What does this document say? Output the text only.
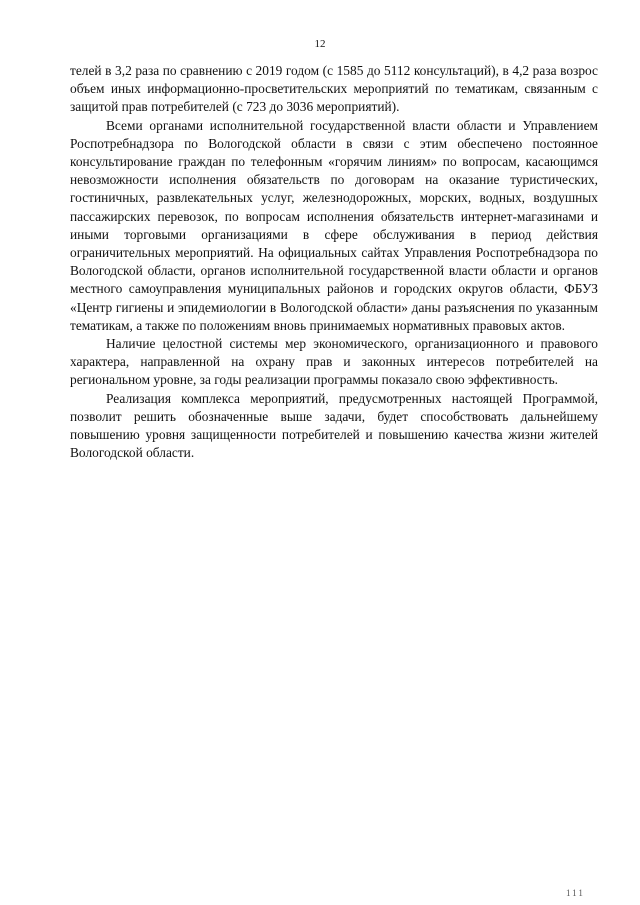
12

телей в 3,2 раза по сравнению с 2019 годом (с 1585 до 5112 консультаций), в 4,2 раза возрос объем иных информационно-просветительских мероприятий по тематикам, связанным с защитой прав потребителей (с 723 до 3036 мероприятий).

Всеми органами исполнительной государственной власти области и Управлением Роспотребнадзора по Вологодской области в связи с этим обеспечено постоянное консультирование граждан по телефонным «горячим линиям» по вопросам, касающимся невозможности исполнения обязательств по договорам на оказание туристических, гостиничных, развлекательных услуг, железнодорожных, морских, водных, воздушных пассажирских перевозок, по вопросам исполнения обязательств интернет-магазинами и иными торговыми организациями в сфере обслуживания в период действия ограничительных мероприятий. На официальных сайтах Управления Роспотребнадзора по Вологодской области, органов исполнительной государственной власти области и органов местного самоуправления муниципальных районов и городских округов области, ФБУЗ «Центр гигиены и эпидемиологии в Вологодской области» даны разъяснения по указанным тематикам, а также по положениям вновь принимаемых нормативных правовых актов.

Наличие целостной системы мер экономического, организационного и правового характера, направленной на охрану прав и законных интересов потребителей на региональном уровне, за годы реализации программы показало свою эффективность.

Реализация комплекса мероприятий, предусмотренных настоящей Программой, позволит решить обозначенные выше задачи, будет способствовать дальнейшему повышению уровня защищенности потребителей и повышению качества жизни жителей Вологодской области.

111
